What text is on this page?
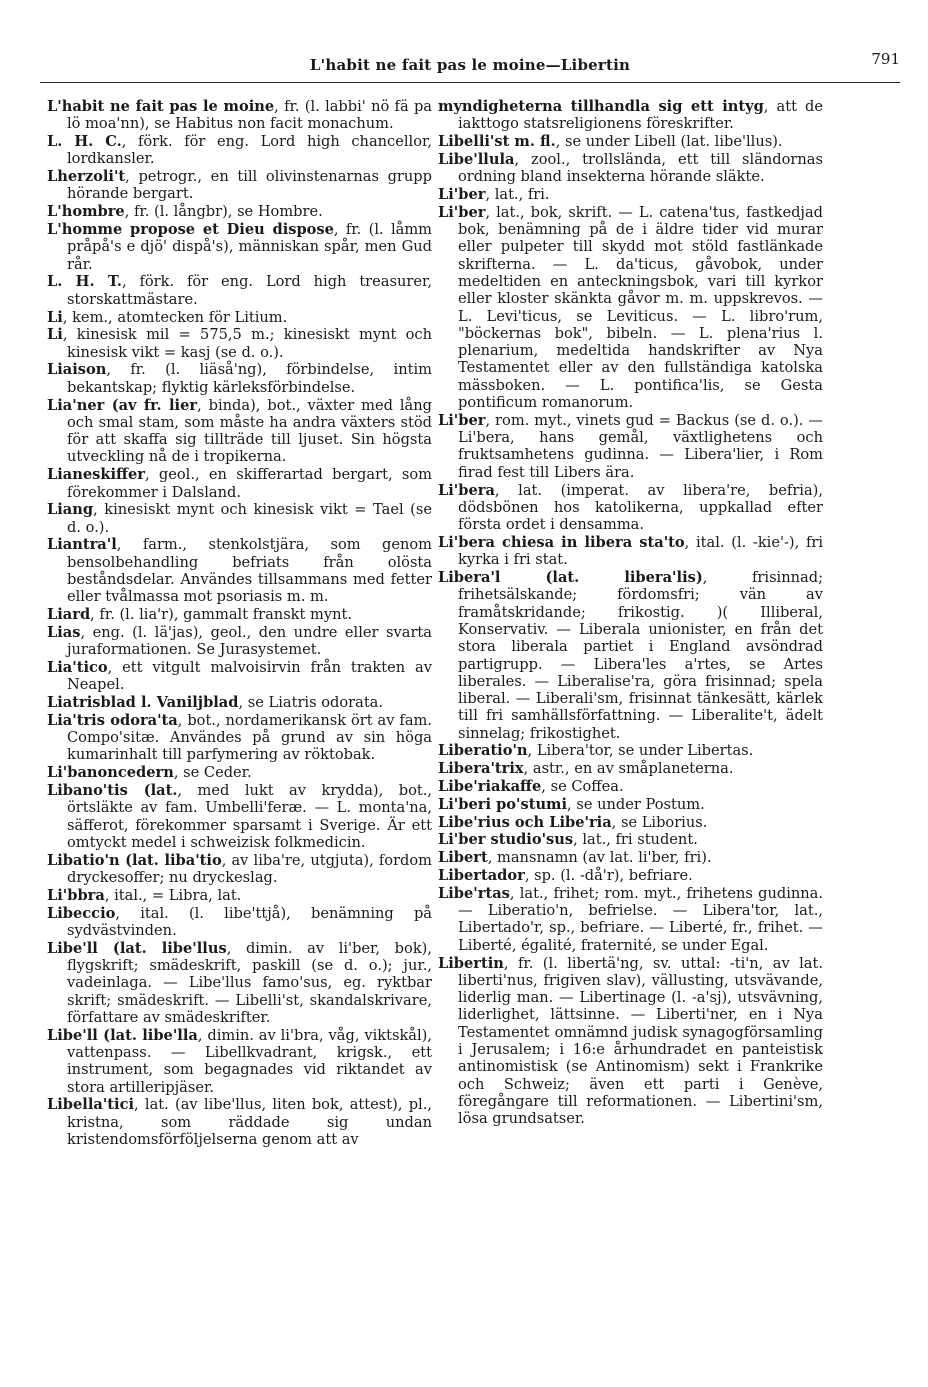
L'habit ne fait pas le moine—Libertin	791

L'habit ne fait pas le moine, fr. (l. labbi' nö fä pa lö moa'nn), se Habitus non facit monachum.

L. H. C., förk. för eng. Lord high chancellor, lordkansler.

Lherzoli't, petrogr., en till olivinstenarnas grupp hörande bergart.

L'hombre, fr. (l. långbr), se Hombre.

L'homme propose et Dieu dispose, fr. (l. låmm pråpå's e djö' dispå's), människan spår, men Gud rår.

L. H. T., förk. för eng. Lord high treasurer, storskattmästare.

Li, kem., atomtecken för Litium.

Li, kinesisk mil = 575,5 m.; kinesiskt mynt och kinesisk vikt = kasj (se d. o.).

Liaison, fr. (l. liäså'ng), förbindelse, intim bekantskap; flyktig kärleksförbindelse.

Lia'ner (av fr. lier, binda), bot., växter med lång och smal stam, som måste ha andra växters stöd för att skaffa sig tillträde till ljuset. Sin högsta utveckling nå de i tropikerna.

Lianeskiffer, geol., en skifferartad bergart, som förekommer i Dalsland.

Liang, kinesiskt mynt och kinesisk vikt = Tael (se d. o.).

Liantra'l, farm., stenkolstjära, som genom bensolbehandling befriats från olösta beståndsdelar. Användes tillsammans med fetter eller tvålmassa mot psoriasis m. m.

Liard, fr. (l. lia'r), gammalt franskt mynt.

Lias, eng. (l. lä'jas), geol., den undre eller svarta juraformationen. Se Jurasystemet.

Lia'tico, ett vitgult malvoisirvin från trakten av Neapel.

Liatrisblad l. Vaniljblad, se Liatris odorata.

Lia'tris odora'ta, bot., nordamerikansk ört av fam. Compo'sitæ. Användes på grund av sin höga kumarinhalt till parfymering av röktobak.

Li'banoncedern, se Ceder.

Libano'tis (lat., med lukt av krydda), bot., örtsläkte av fam. Umbelli'feræ. — L. monta'na, säfferot, förekommer sparsamt i Sverige. Är ett omtyckt medel i schweizisk folkmedicin.

Libatio'n (lat. liba'tio, av liba're, utgjuta), fordom dryckesoffer; nu dryckeslag.

Li'bbra, ital., = Libra, lat.

Libeccio, ital. (l. libe'ttjå), benämning på sydvästvinden.

Libe'll (lat. libe'llus, dimin. av li'ber, bok), flygskrift; smädeskrift, paskill (se d. o.); jur., vadeinlaga. — Libe'llus famo'sus, eg. ryktbar skrift; smädeskrift. — Libelli'st, skandalskrivare, författare av smädeskrifter.

Libe'll (lat. libe'lla, dimin. av li'bra, våg, viktskål), vattenpass. — Libellkvadrant, krigsk., ett instrument, som begagnades vid riktandet av stora artilleripjäser.

Libella'tici, lat. (av libe'llus, liten bok, attest), pl., kristna, som räddade sig undan kristendomsförföljelserna genom att av

myndigheterna tillhandla sig ett intyg, att de iakttogo statsreligionens föreskrifter.

Libelli'st m. fl., se under Libell (lat. libe'llus).

Libe'llula, zool., trollslända, ett till sländornas ordning bland insekterna hörande släkte.

Li'ber, lat., fri.

Li'ber, lat., bok, skrift. — L. catena'tus, fastkedjad bok, benämning på de i äldre tider vid murar eller pulpeter till skydd mot stöld fastlänkade skrifterna. — L. da'ticus, gåvobok, under medeltiden en anteckningsbok, vari till kyrkor eller kloster skänkta gåvor m. m. uppskrevos. — L. Levi'ticus, se Leviticus. — L. libro'rum, "böckernas bok", bibeln. — L. plena'rius l. plenarium, medeltida handskrifter av Nya Testamentet eller av den fullständiga katolska mässboken. — L. pontifica'lis, se Gesta pontificum romanorum.

Li'ber, rom. myt., vinets gud = Backus (se d. o.). — Li'bera, hans gemål, växtlighetens och fruktsamhetens gudinna. — Libera'lier, i Rom firad fest till Libers ära.

Li'bera, lat. (imperat. av libera're, befria), dödsbönen hos katolikerna, uppkallad efter första ordet i densamma.

Li'bera chiesa in libera sta'to, ital. (l. -kie'-), fri kyrka i fri stat.

Libera'l (lat. libera'lis), frisinnad; frihetsälskande; fördomsfri; vän av framåtskridande; frikostig. )( Illiberal, Konservativ. — Liberala unionister, en från det stora liberala partiet i England avsöndrad partigrupp. — Libera'les a'rtes, se Artes liberales. — Liberalise'ra, göra frisinnad; spela liberal. — Liberali'sm, frisinnat tänkesätt, kärlek till fri samhällsförfattning. — Liberalite't, ädelt sinnelag; frikostighet.

Liberatio'n, Libera'tor, se under Libertas.

Libera'trix, astr., en av småplaneterna.

Libe'riakaffe, se Coffea.

Li'beri po'stumi, se under Postum.

Libe'rius och Libe'ria, se Liborius.

Li'ber studio'sus, lat., fri student.

Libert, mansnamn (av lat. li'ber, fri).

Libertador, sp. (l. -då'r), befriare.

Libe'rtas, lat., frihet; rom. myt., frihetens gudinna. — Liberatio'n, befrielse. — Libera'tor, lat., Libertado'r, sp., befriare. — Liberté, fr., frihet. — Liberté, égalité, fraternité, se under Egal.

Libertin, fr. (l. libertä'ng, sv. uttal: -ti'n, av lat. liberti'nus, frigiven slav), vällusting, utsvävande, liderlig man. — Libertinage (l. -a'sj), utsvävning, liderlighet, lättsinne. — Liberti'ner, en i Nya Testamentet omnämnd judisk synagogförsamling i Jerusalem; i 16:e århundradet en panteistisk antinomistisk (se Antinomism) sekt i Frankrike och Schweiz; även ett parti i Genève, föregångare till reformationen. — Libertini'sm, lösa grundsatser.
